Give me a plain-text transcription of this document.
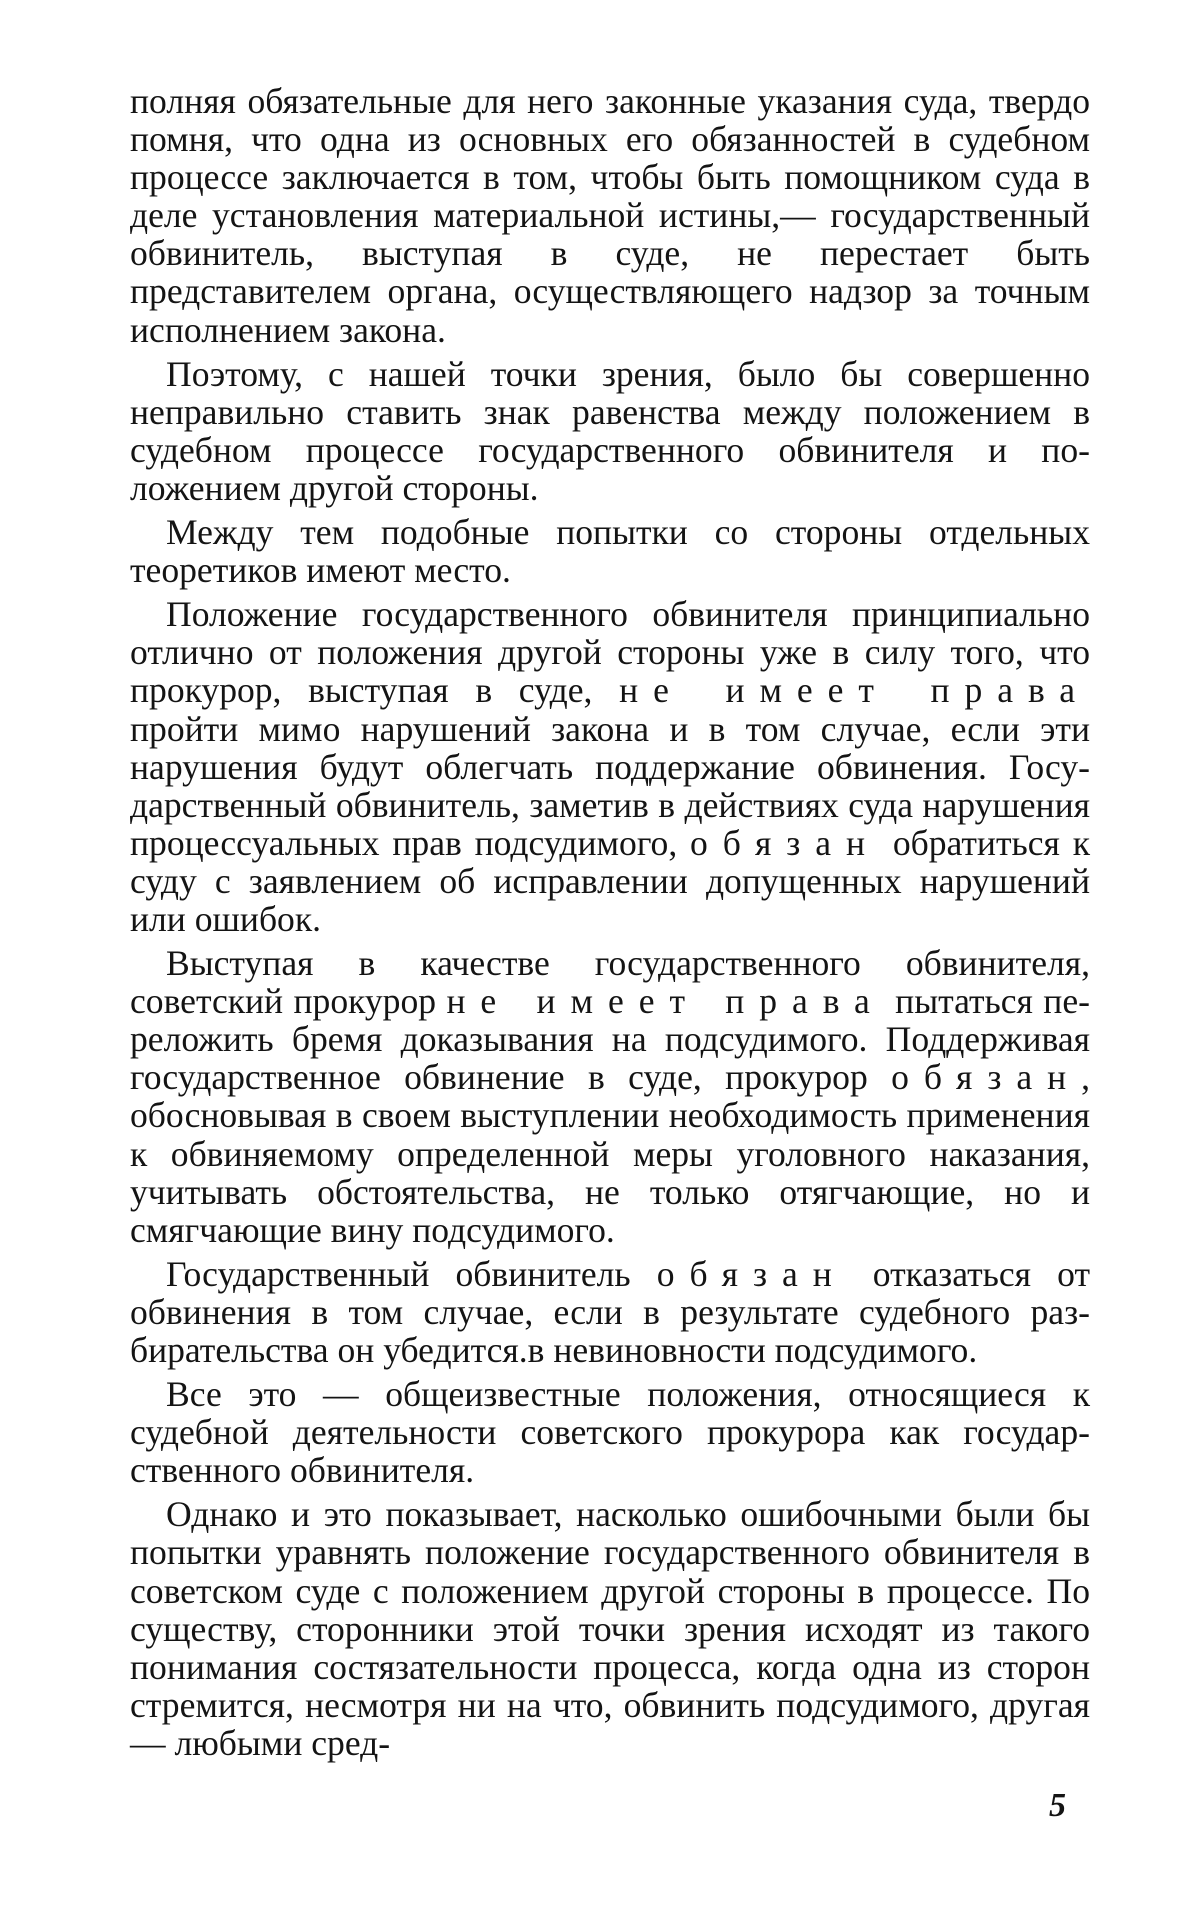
полняя обязательные для него законные указания суда, твердо помня, что одна из основных его обязанностей в судебном процессе заключается в том, чтобы быть помощником суда в деле установления материальной истины,— государственный обвинитель, выступая в суде, не перестает быть представителем органа, осуществляющего надзор за точным исполнением закона.

Поэтому, с нашей точки зрения, было бы совершенно неправильно ставить знак равенства между положением в судебном процессе государственного обвинителя и положением другой стороны.

Между тем подобные попытки со стороны отдельных теоретиков имеют место.

Положение государственного обвинителя принципиально отлично от положения другой стороны уже в силу того, что прокурор, выступая в суде, не имеет права пройти мимо нарушений закона и в том случае, если эти нарушения будут облегчать поддержание обвинения. Государственный обвинитель, заметив в действиях суда нарушения процессуальных прав подсудимого, обязан обратиться к суду с заявлением об исправлении допущенных нарушений или ошибок.

Выступая в качестве государственного обвинителя, советский прокурор не имеет права пытаться переложить бремя доказывания на подсудимого. Поддерживая государственное обвинение в суде, прокурор обязан, обосновывая в своем выступлении необходимость применения к обвиняемому определенной меры уголовного наказания, учитывать обстоятельства, не только отягчающие, но и смягчающие вину подсудимого.

Государственный обвинитель обязан отказаться от обвинения в том случае, если в результате судебного разбирательства он убедится.в невиновности подсудимого.

Все это — общеизвестные положения, относящиеся к судебной деятельности советского прокурора как государственного обвинителя.

Однако и это показывает, насколько ошибочными были бы попытки уравнять положение государственного обвинителя в советском суде с положением другой стороны в процессе. По существу, сторонники этой точки зрения исходят из такого понимания состязательности процесса, когда одна из сторон стремится, несмотря ни на что, обвинить подсудимого, другая — любыми сред-

5
